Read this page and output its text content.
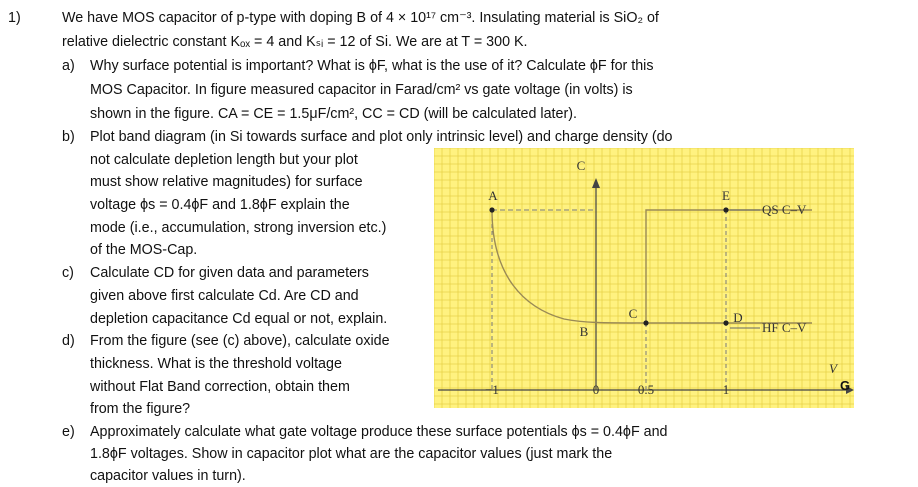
1)	We have MOS capacitor of p-type with doping B of 4 × 10¹⁷ cm⁻³. Insulating material is SiO₂ of
relative dielectric constant Kₒₓ = 4 and Kₛᵢ = 12 of Si. We are at T = 300 K.
a) Why surface potential is important? What is ϕF, what is the use of it? Calculate ϕF for this
MOS Capacitor. In figure measured capacitor in Farad/cm² vs gate voltage (in volts) is
shown in the figure. CA = CE = 1.5μF/cm², CC = CD (will be calculated later).
b) Plot band diagram (in Si towards surface and plot only intrinsic level) and charge density (do
not calculate depletion length but your plot
must show relative magnitudes) for surface
voltage ϕs = 0.4ϕF and 1.8ϕF explain the
mode (i.e., accumulation, strong inversion etc.)
of the MOS-Cap.
c) Calculate CD for given data and parameters
given above first calculate Cd. Are CD and
depletion capacitance Cd equal or not, explain.
d) From the figure (see (c) above), calculate oxide
thickness. What is the threshold voltage
without Flat Band correction, obtain them
from the figure?
e) Approximately calculate what gate voltage produce these surface potentials ϕs = 0.4ϕF and
1.8ϕF voltages. Show in capacitor plot what are the capacitor values (just mark the
capacitor values in turn).
A
C
B
C	D
E
QS C–V
HF C–V
−1	0	0.5	1
V
G
